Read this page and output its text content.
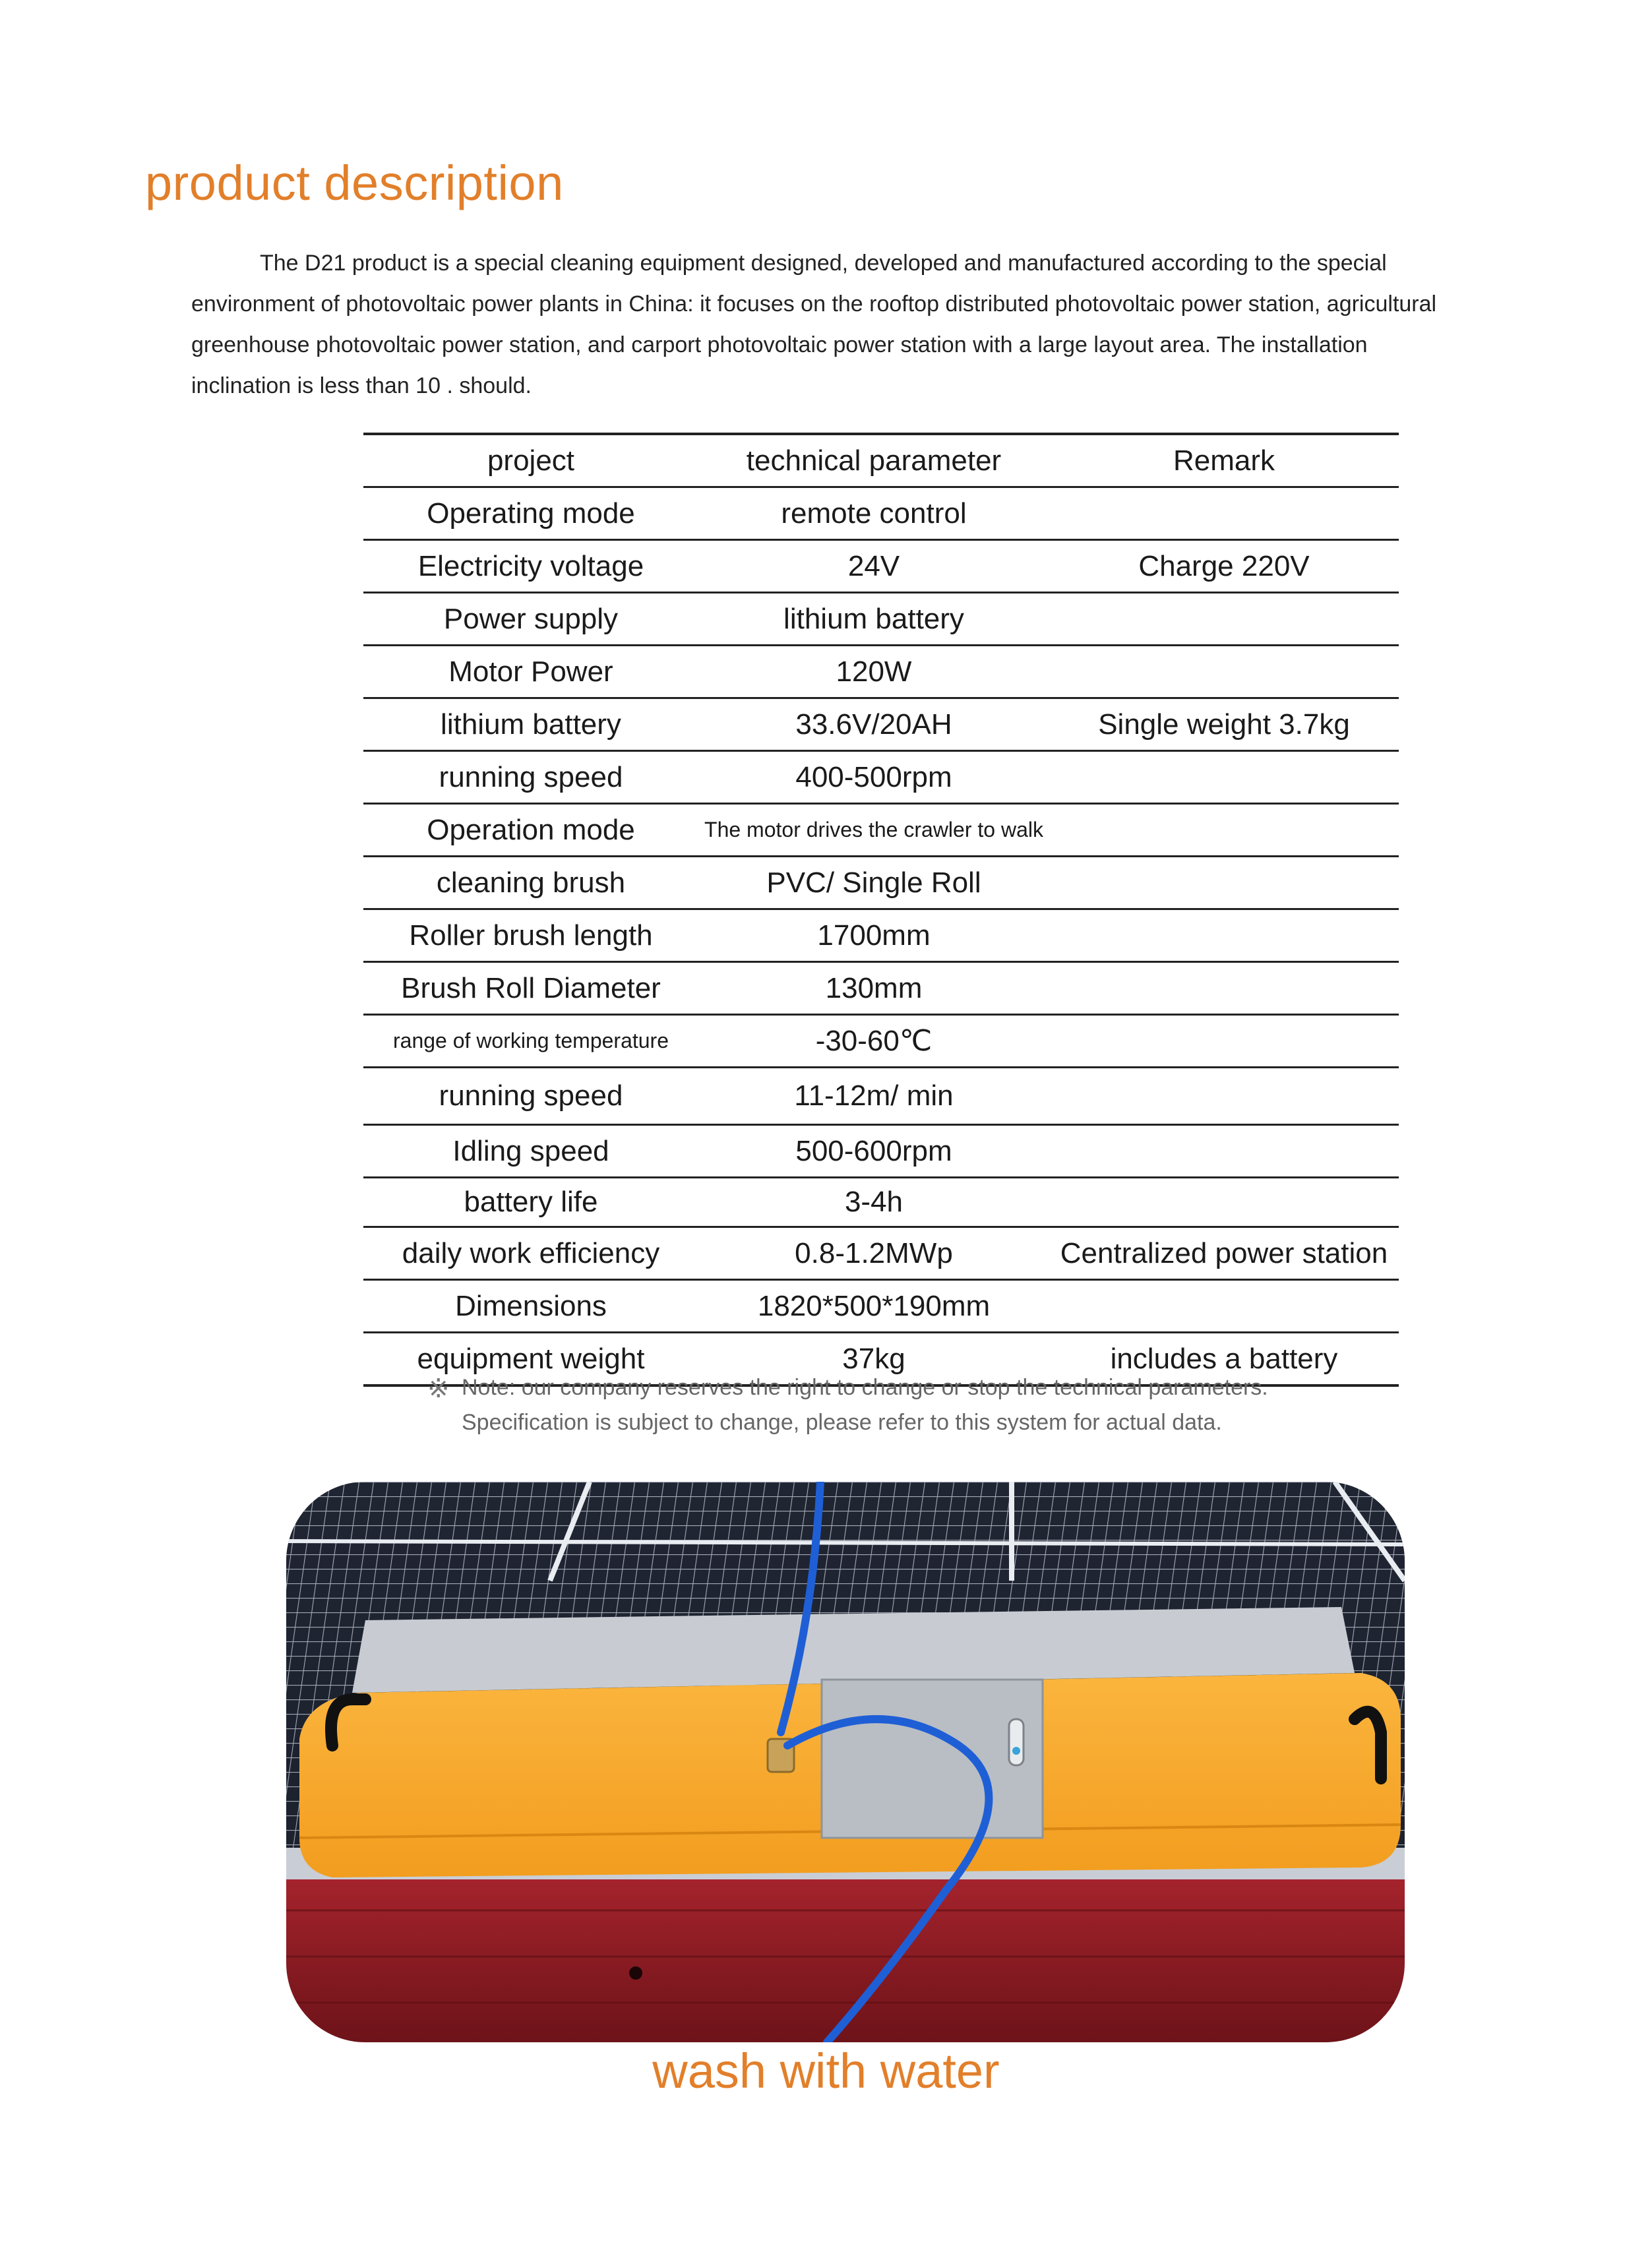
product description

The D21 product is a special cleaning equipment designed, developed and manufactured according to the special environment of photovoltaic power plants in China: it focuses on the rooftop distributed photovoltaic power station, agricultural greenhouse photovoltaic power station, and carport photovoltaic power station with a large layout area. The installation inclination is less than 10 . should.

project	technical parameter	Remark
Operating mode	remote control	
Electricity voltage	24V	Charge 220V
Power supply	lithium battery	
Motor Power	120W	
lithium battery	33.6V/20AH	Single weight 3.7kg
running speed	400-500rpm	
Operation mode	The motor drives the crawler to walk	
cleaning brush	PVC/ Single Roll	
Roller brush length	1700mm	
Brush Roll Diameter	130mm	
range of working temperature	-30-60℃	
running speed	11-12m/ min	
Idling speed	500-600rpm	
battery life	3-4h	
daily work efficiency	0.8-1.2MWp	Centralized power station
Dimensions	1820*500*190mm	
equipment weight	37kg	includes a battery
※ Note: our company reserves the right to change or stop the technical parameters.
Specification is subject to change, please refer to this system for actual data.
wash with water
